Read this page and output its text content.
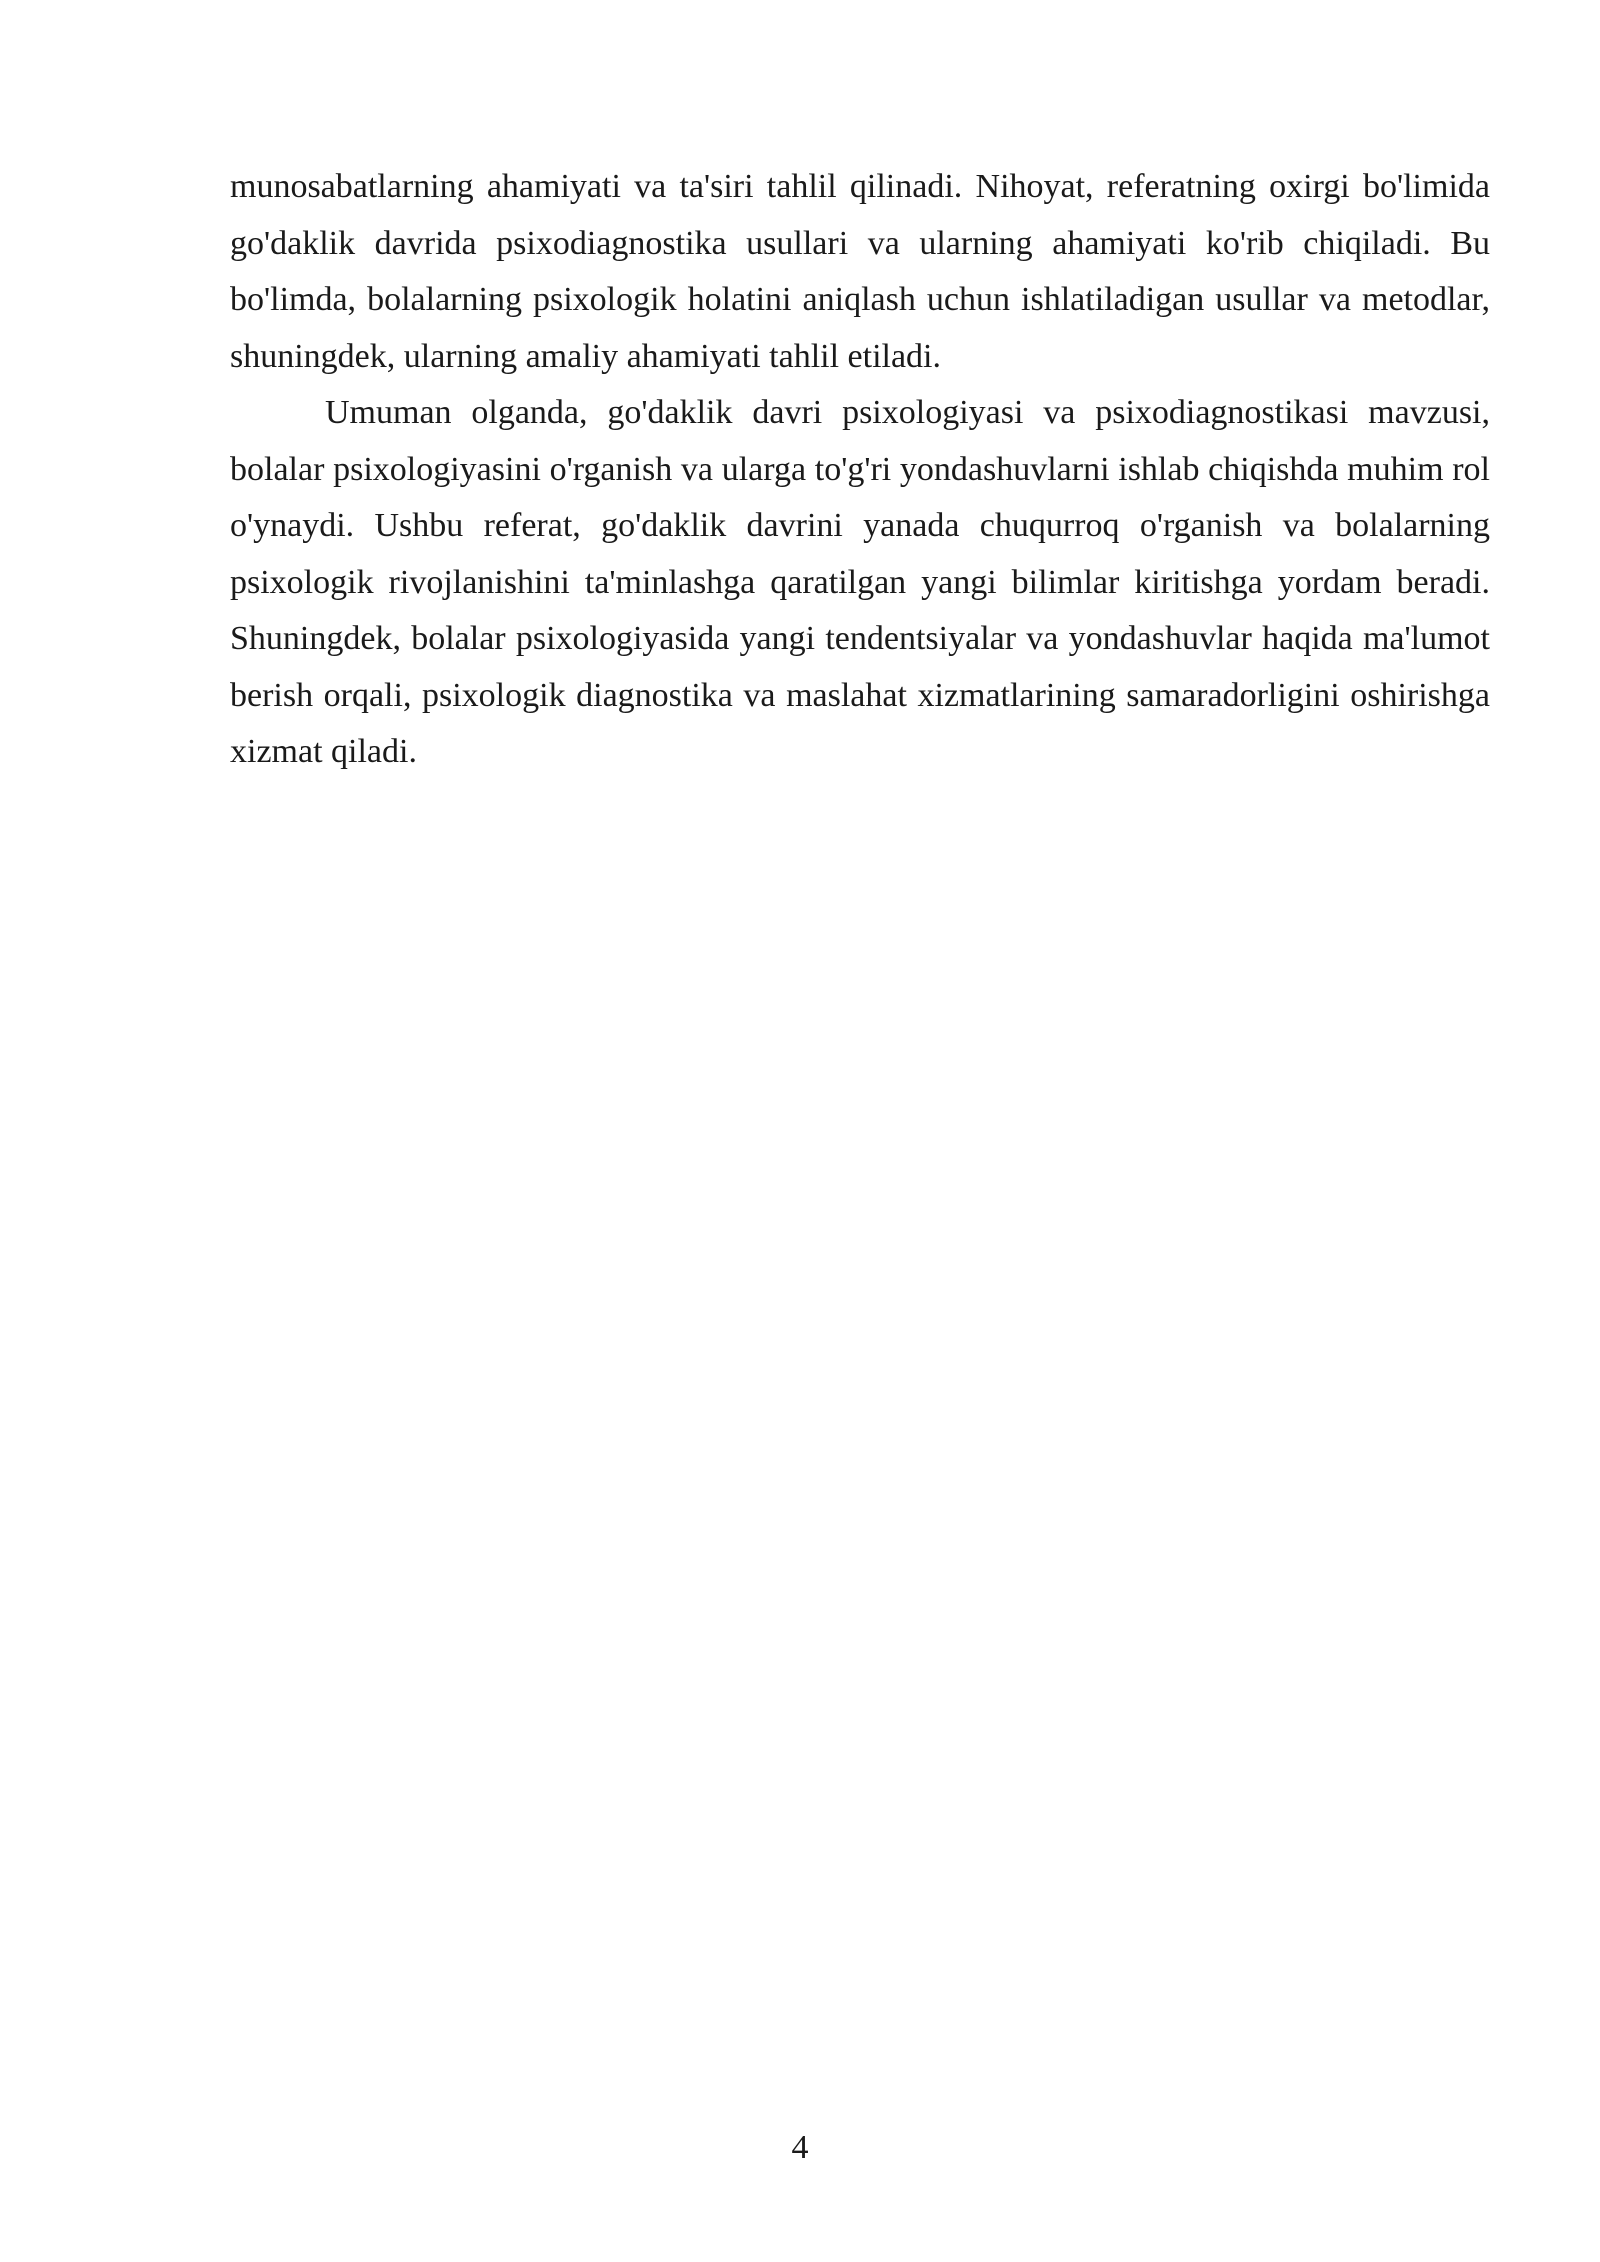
munosabatlarning ahamiyati va ta'siri tahlil qilinadi. Nihoyat, referatning oxirgi bo'limida go'daklik davrida psixodiagnostika usullari va ularning ahamiyati ko'rib chiqiladi. Bu bo'limda, bolalarning psixologik holatini aniqlash uchun ishlatiladigan usullar va metodlar, shuningdek, ularning amaliy ahamiyati tahlil etiladi.

Umuman olganda, go'daklik davri psixologiyasi va psixodiagnostikasi mavzusi, bolalar psixologiyasini o'rganish va ularga to'g'ri yondashuvlarni ishlab chiqishda muhim rol o'ynaydi. Ushbu referat, go'daklik davrini yanada chuqurroq o'rganish va bolalarning psixologik rivojlanishini ta'minlashga qaratilgan yangi bilimlar kiritishga yordam beradi. Shuningdek, bolalar psixologiyasida yangi tendentsiyalar va yondashuvlar haqida ma'lumot berish orqali, psixologik diagnostika va maslahat xizmatlarining samaradorligini oshirishga xizmat qiladi.

4
